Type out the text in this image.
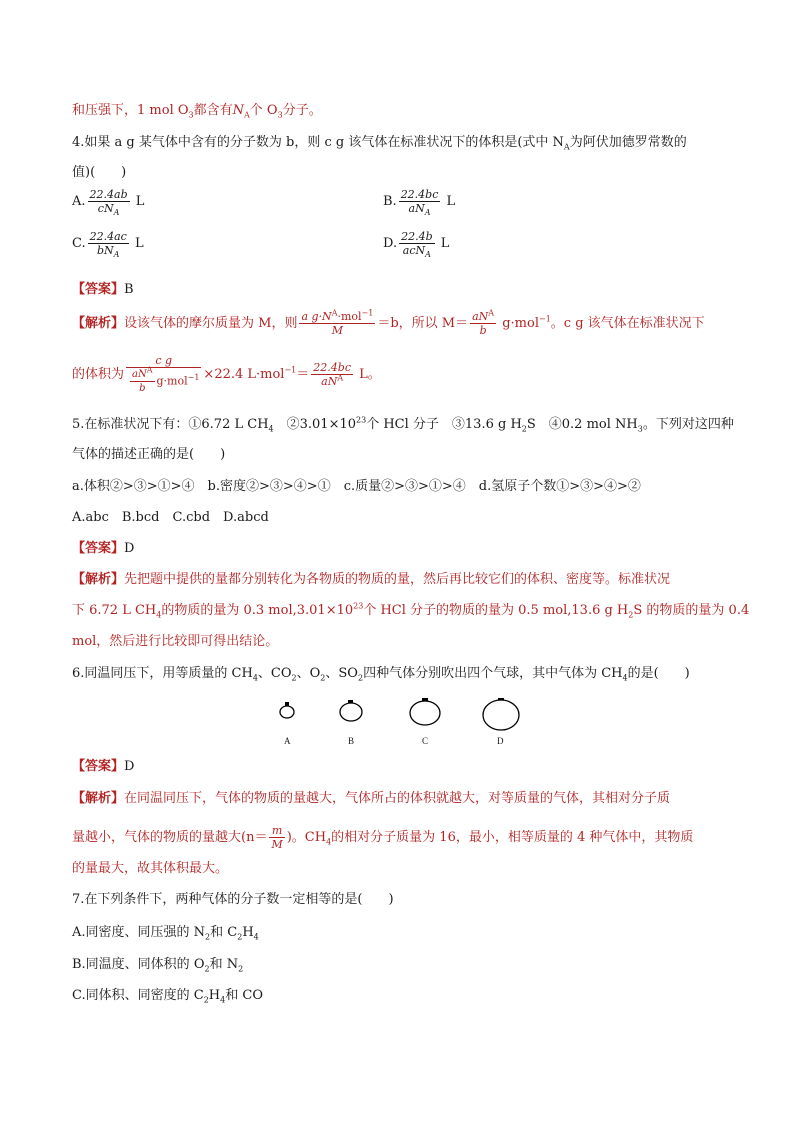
和压强下，1 mol $O_3$都含有$N_A$个 $O_3$分子。
4.如果 a g 某气体中含有的分子数为 b，则 c g 该气体在标准状况下的体积是(式中 $N_A$为阿伏加德罗常数的
值)(　　)
A. $\frac{22.4ab}{cN_A}$ L	B. $\frac{22.4bc}{aN_A}$ L
C. $\frac{22.4ac}{bN_A}$ L	D. $\frac{22.4b}{acN_A}$ L
【答案】B
【解析】设该气体的摩尔质量为 M，则 $\frac{a g\cdot N^A\cdot mol^{-1}}{M} =b$，所以 $M= \frac{aN^A}{b} g\cdot mol^{-1}$。c g 该气体在标准状况下
的体积为 $\frac{\text{c g}}{\frac{aN^A}{b} g\cdot mol^{-1}} \times 22.4$ $L\cdot mol^{-1}= \frac{22.4bc}{aN^A}$ L。
5.在标准状况下有：①6.72 L $CH_4$　$②3.01\times 10^{23}$个 HCl 分子　③13.6 g $H_2S$　④0.2 mol $NH_3$。下列对这四种
气体的描述正确的是(　　)
a.体积②>③>①>④　b.密度②>③>④>①　c.质量②>③>①>④　d.氢原子个数①>③>④>②
A.abc　B.bcd　C.cbd　D.abcd
【答案】D
【解析】先把题中提供的量都分别转化为各物质的物质的量，然后再比较它们的体积、密度等。标准状况
下 6.72 L $CH_4$的物质的量为 0.3 $mol,3.01\times 10^{23}$个 HCl 分子的物质的量为 0.5 mol,13.6 g $H_2S$ 的物质的量为 0.4
mol，然后进行比较即可得出结论。
6.同温同压下，用等质量的 $CH_4$、$CO_2$、$O_2$、$SO_2$四种气体分别吹出四个气球，其中气体为 $CH_4$的是(　　)
A	B	C	D
【答案】D
【解析】在同温同压下，气体的物质的量越大，气体所占的体积就越大，对等质量的气体，其相对分子质
量越小，气体的物质的量越大($n= \frac{m}{M}$ )。$CH_4$的相对分子质量为 16，最小，相等质量的 4 种气体中，其物质
的量最大，故其体积最大。
7.在下列条件下，两种气体的分子数一定相等的是(　　)
A.同密度、同压强的 $N_2$和 $C_2H_4$
B.同温度、同体积的 $O_2$和 $N_2$
C.同体积、同密度的 $C_2H_4$和 CO
